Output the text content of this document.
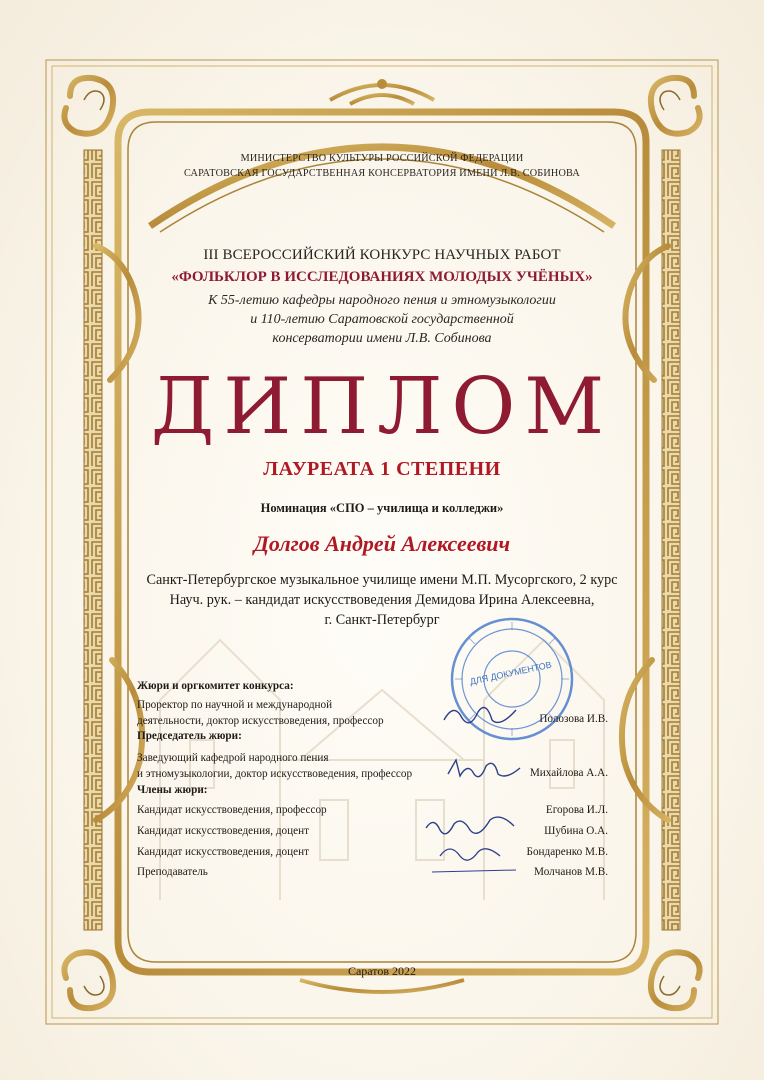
МИНИСТЕРСТВО КУЛЬТУРЫ РОССИЙСКОЙ ФЕДЕРАЦИИ
САРАТОВСКАЯ ГОСУДАРСТВЕННАЯ КОНСЕРВАТОРИЯ ИМЕНИ Л.В. СОБИНОВА
III ВСЕРОССИЙСКИЙ КОНКУРС НАУЧНЫХ РАБОТ
«ФОЛЬКЛОР В ИССЛЕДОВАНИЯХ МОЛОДЫХ УЧЁНЫХ»
К 55-летию кафедры народного пения и этномузыкологии
и 110-летию Саратовской государственной
консерватории имени Л.В. Собинова
ДИПЛОМ
ЛАУРЕАТА 1 СТЕПЕНИ
Номинация «СПО – училища и колледжи»
Долгов Андрей Алексеевич
Санкт-Петербургское музыкальное училище имени М.П. Мусоргского, 2 курс
Науч. рук. – кандидат искусствоведения Демидова Ирина Алексеевна,
г. Санкт-Петербург
ДЛЯ ДОКУМЕНТОВ
Жюри и оргкомитет конкурса:
Проректор по научной и международной
деятельности, доктор искусствоведения, профессор	Полозова И.В.
Председатель жюри:
Заведующий кафедрой народного пения
и этномузыкологии, доктор искусствоведения, профессор	Михайлова А.А.
Члены жюри:
Кандидат искусствоведения, профессор	Егорова И.Л.
Кандидат искусствоведения, доцент	Шубина О.А.
Кандидат искусствоведения, доцент	Бондаренко М.В.
Преподаватель	Молчанов М.В.
Саратов 2022
